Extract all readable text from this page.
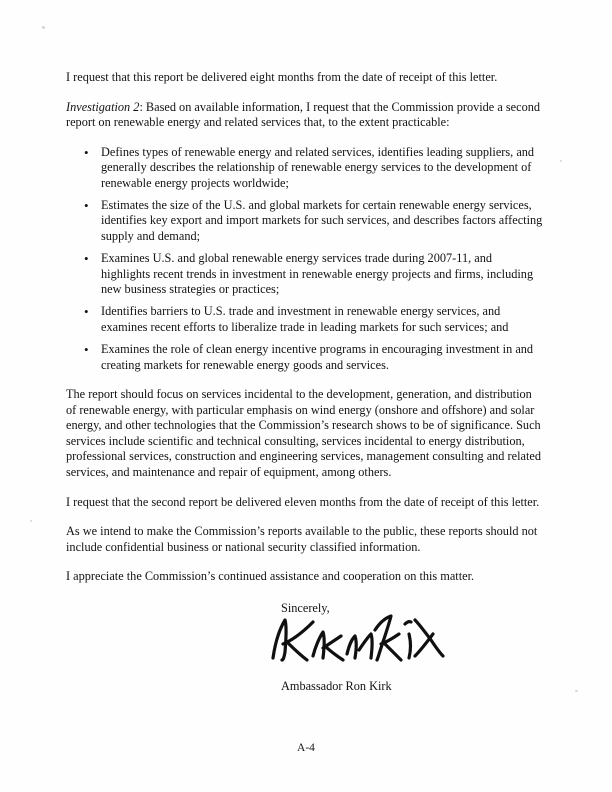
I request that this report be delivered eight months from the date of receipt of this letter.

Investigation 2: Based on available information, I request that the Commission provide a second report on renewable energy and related services that, to the extent practicable:

• Defines types of renewable energy and related services, identifies leading suppliers, and generally describes the relationship of renewable energy services to the development of renewable energy projects worldwide;
• Estimates the size of the U.S. and global markets for certain renewable energy services, identifies key export and import markets for such services, and describes factors affecting supply and demand;
• Examines U.S. and global renewable energy services trade during 2007-11, and highlights recent trends in investment in renewable energy projects and firms, including new business strategies or practices;
• Identifies barriers to U.S. trade and investment in renewable energy services, and examines recent efforts to liberalize trade in leading markets for such services; and
• Examines the role of clean energy incentive programs in encouraging investment in and creating markets for renewable energy goods and services.

The report should focus on services incidental to the development, generation, and distribution of renewable energy, with particular emphasis on wind energy (onshore and offshore) and solar energy, and other technologies that the Commission’s research shows to be of significance. Such services include scientific and technical consulting, services incidental to energy distribution, professional services, construction and engineering services, management consulting and related services, and maintenance and repair of equipment, among others.

I request that the second report be delivered eleven months from the date of receipt of this letter.

As we intend to make the Commission’s reports available to the public, these reports should not include confidential business or national security classified information.

I appreciate the Commission’s continued assistance and cooperation on this matter.

Sincerely,
Ambassador Ron Kirk
A-4
